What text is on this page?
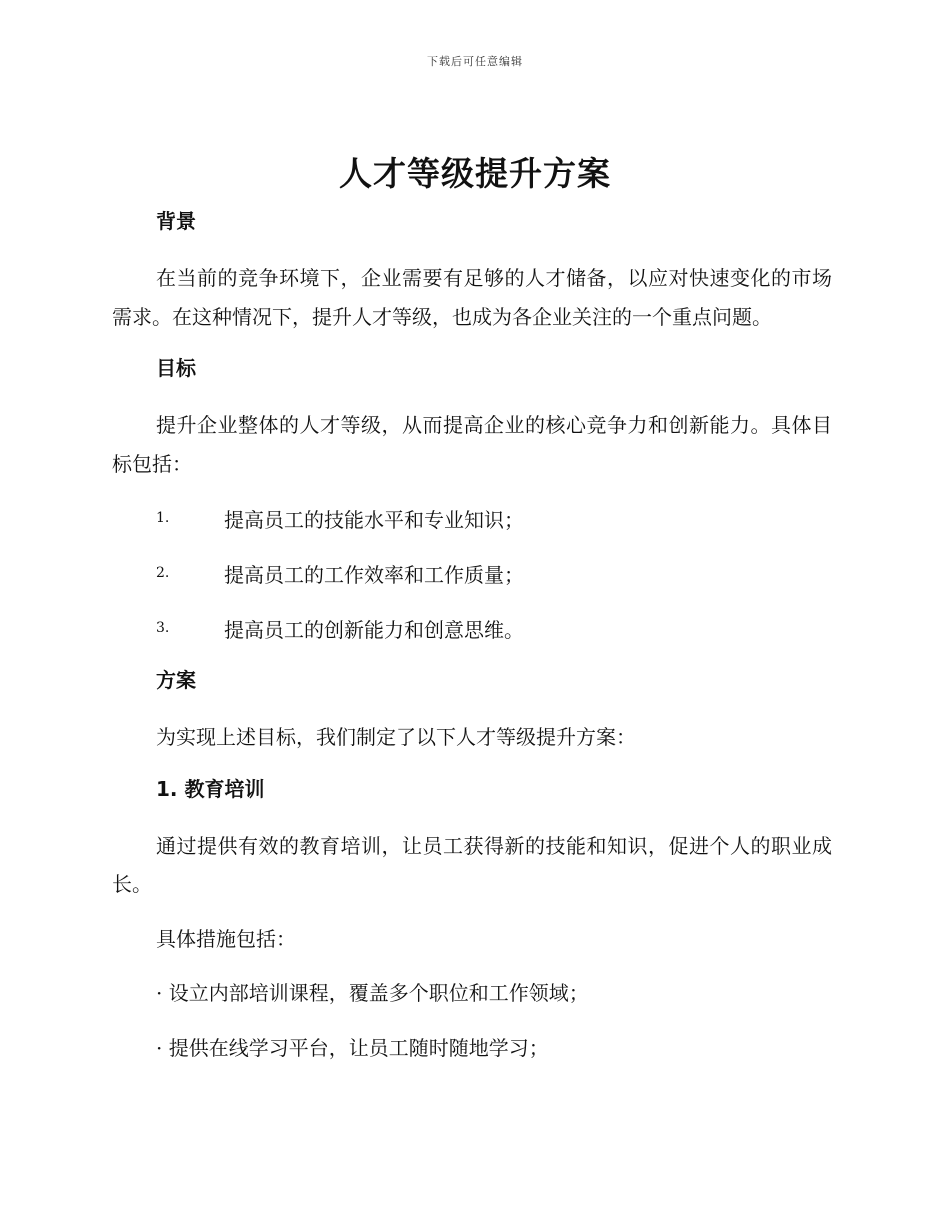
下载后可任意编辑
人才等级提升方案
背景

在当前的竞争环境下，企业需要有足够的人才储备，以应对快速变化的市场需求。在这种情况下，提升人才等级，也成为各企业关注的一个重点问题。

目标

提升企业整体的人才等级，从而提高企业的核心竞争力和创新能力。具体目标包括：

1.	提高员工的技能水平和专业知识；
2.	提高员工的工作效率和工作质量；
3.	提高员工的创新能力和创意思维。
方案

为实现上述目标，我们制定了以下人才等级提升方案：

1. 教育培训

通过提供有效的教育培训，让员工获得新的技能和知识，促进个人的职业成长。

具体措施包括：

· 设立内部培训课程，覆盖多个职位和工作领域；
· 提供在线学习平台，让员工随时随地学习；
